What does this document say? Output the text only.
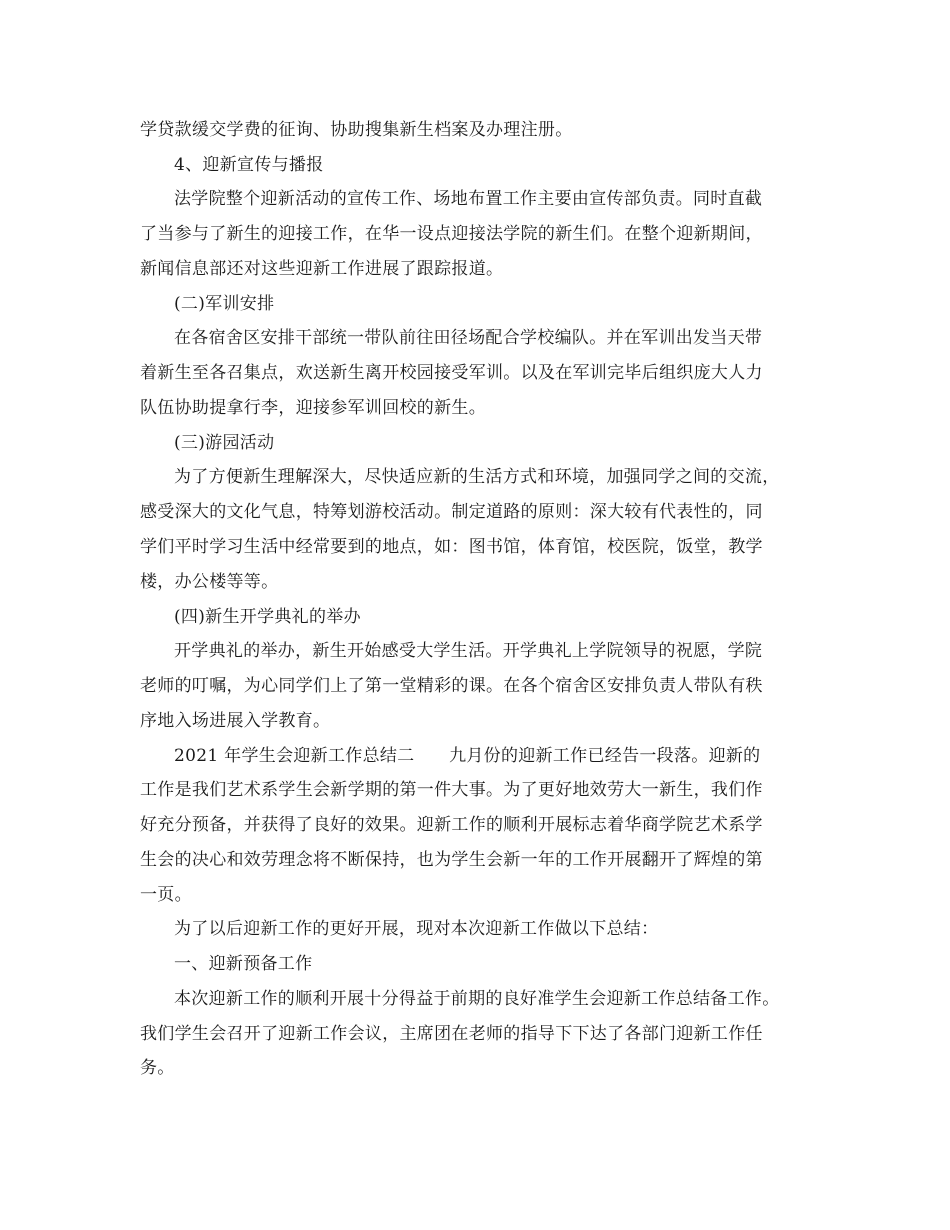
学贷款缓交学费的征询、协助搜集新生档案及办理注册。
4、迎新宣传与播报
法学院整个迎新活动的宣传工作、场地布置工作主要由宣传部负责。同时直截
了当参与了新生的迎接工作，在华一设点迎接法学院的新生们。在整个迎新期间，
新闻信息部还对这些迎新工作进展了跟踪报道。
(二)军训安排
在各宿舍区安排干部统一带队前往田径场配合学校编队。并在军训出发当天带
着新生至各召集点，欢送新生离开校园接受军训。以及在军训完毕后组织庞大人力
队伍协助提拿行李，迎接参军训回校的新生。
(三)游园活动
为了方便新生理解深大，尽快适应新的生活方式和环境，加强同学之间的交流，
感受深大的文化气息，特筹划游校活动。制定道路的原则：深大较有代表性的，同
学们平时学习生活中经常要到的地点，如：图书馆，体育馆，校医院，饭堂，教学
楼，办公楼等等。
(四)新生开学典礼的举办
开学典礼的举办，新生开始感受大学生活。开学典礼上学院领导的祝愿，学院
老师的叮嘱，为心同学们上了第一堂精彩的课。在各个宿舍区安排负责人带队有秩
序地入场进展入学教育。
2021 年学生会迎新工作总结二　　九月份的迎新工作已经告一段落。迎新的
工作是我们艺术系学生会新学期的第一件大事。为了更好地效劳大一新生，我们作
好充分预备，并获得了良好的效果。迎新工作的顺利开展标志着华商学院艺术系学
生会的决心和效劳理念将不断保持，也为学生会新一年的工作开展翻开了辉煌的第
一页。
为了以后迎新工作的更好开展，现对本次迎新工作做以下总结：
一、迎新预备工作
本次迎新工作的顺利开展十分得益于前期的良好准学生会迎新工作总结备工作。
我们学生会召开了迎新工作会议，主席团在老师的指导下下达了各部门迎新工作任
务。
